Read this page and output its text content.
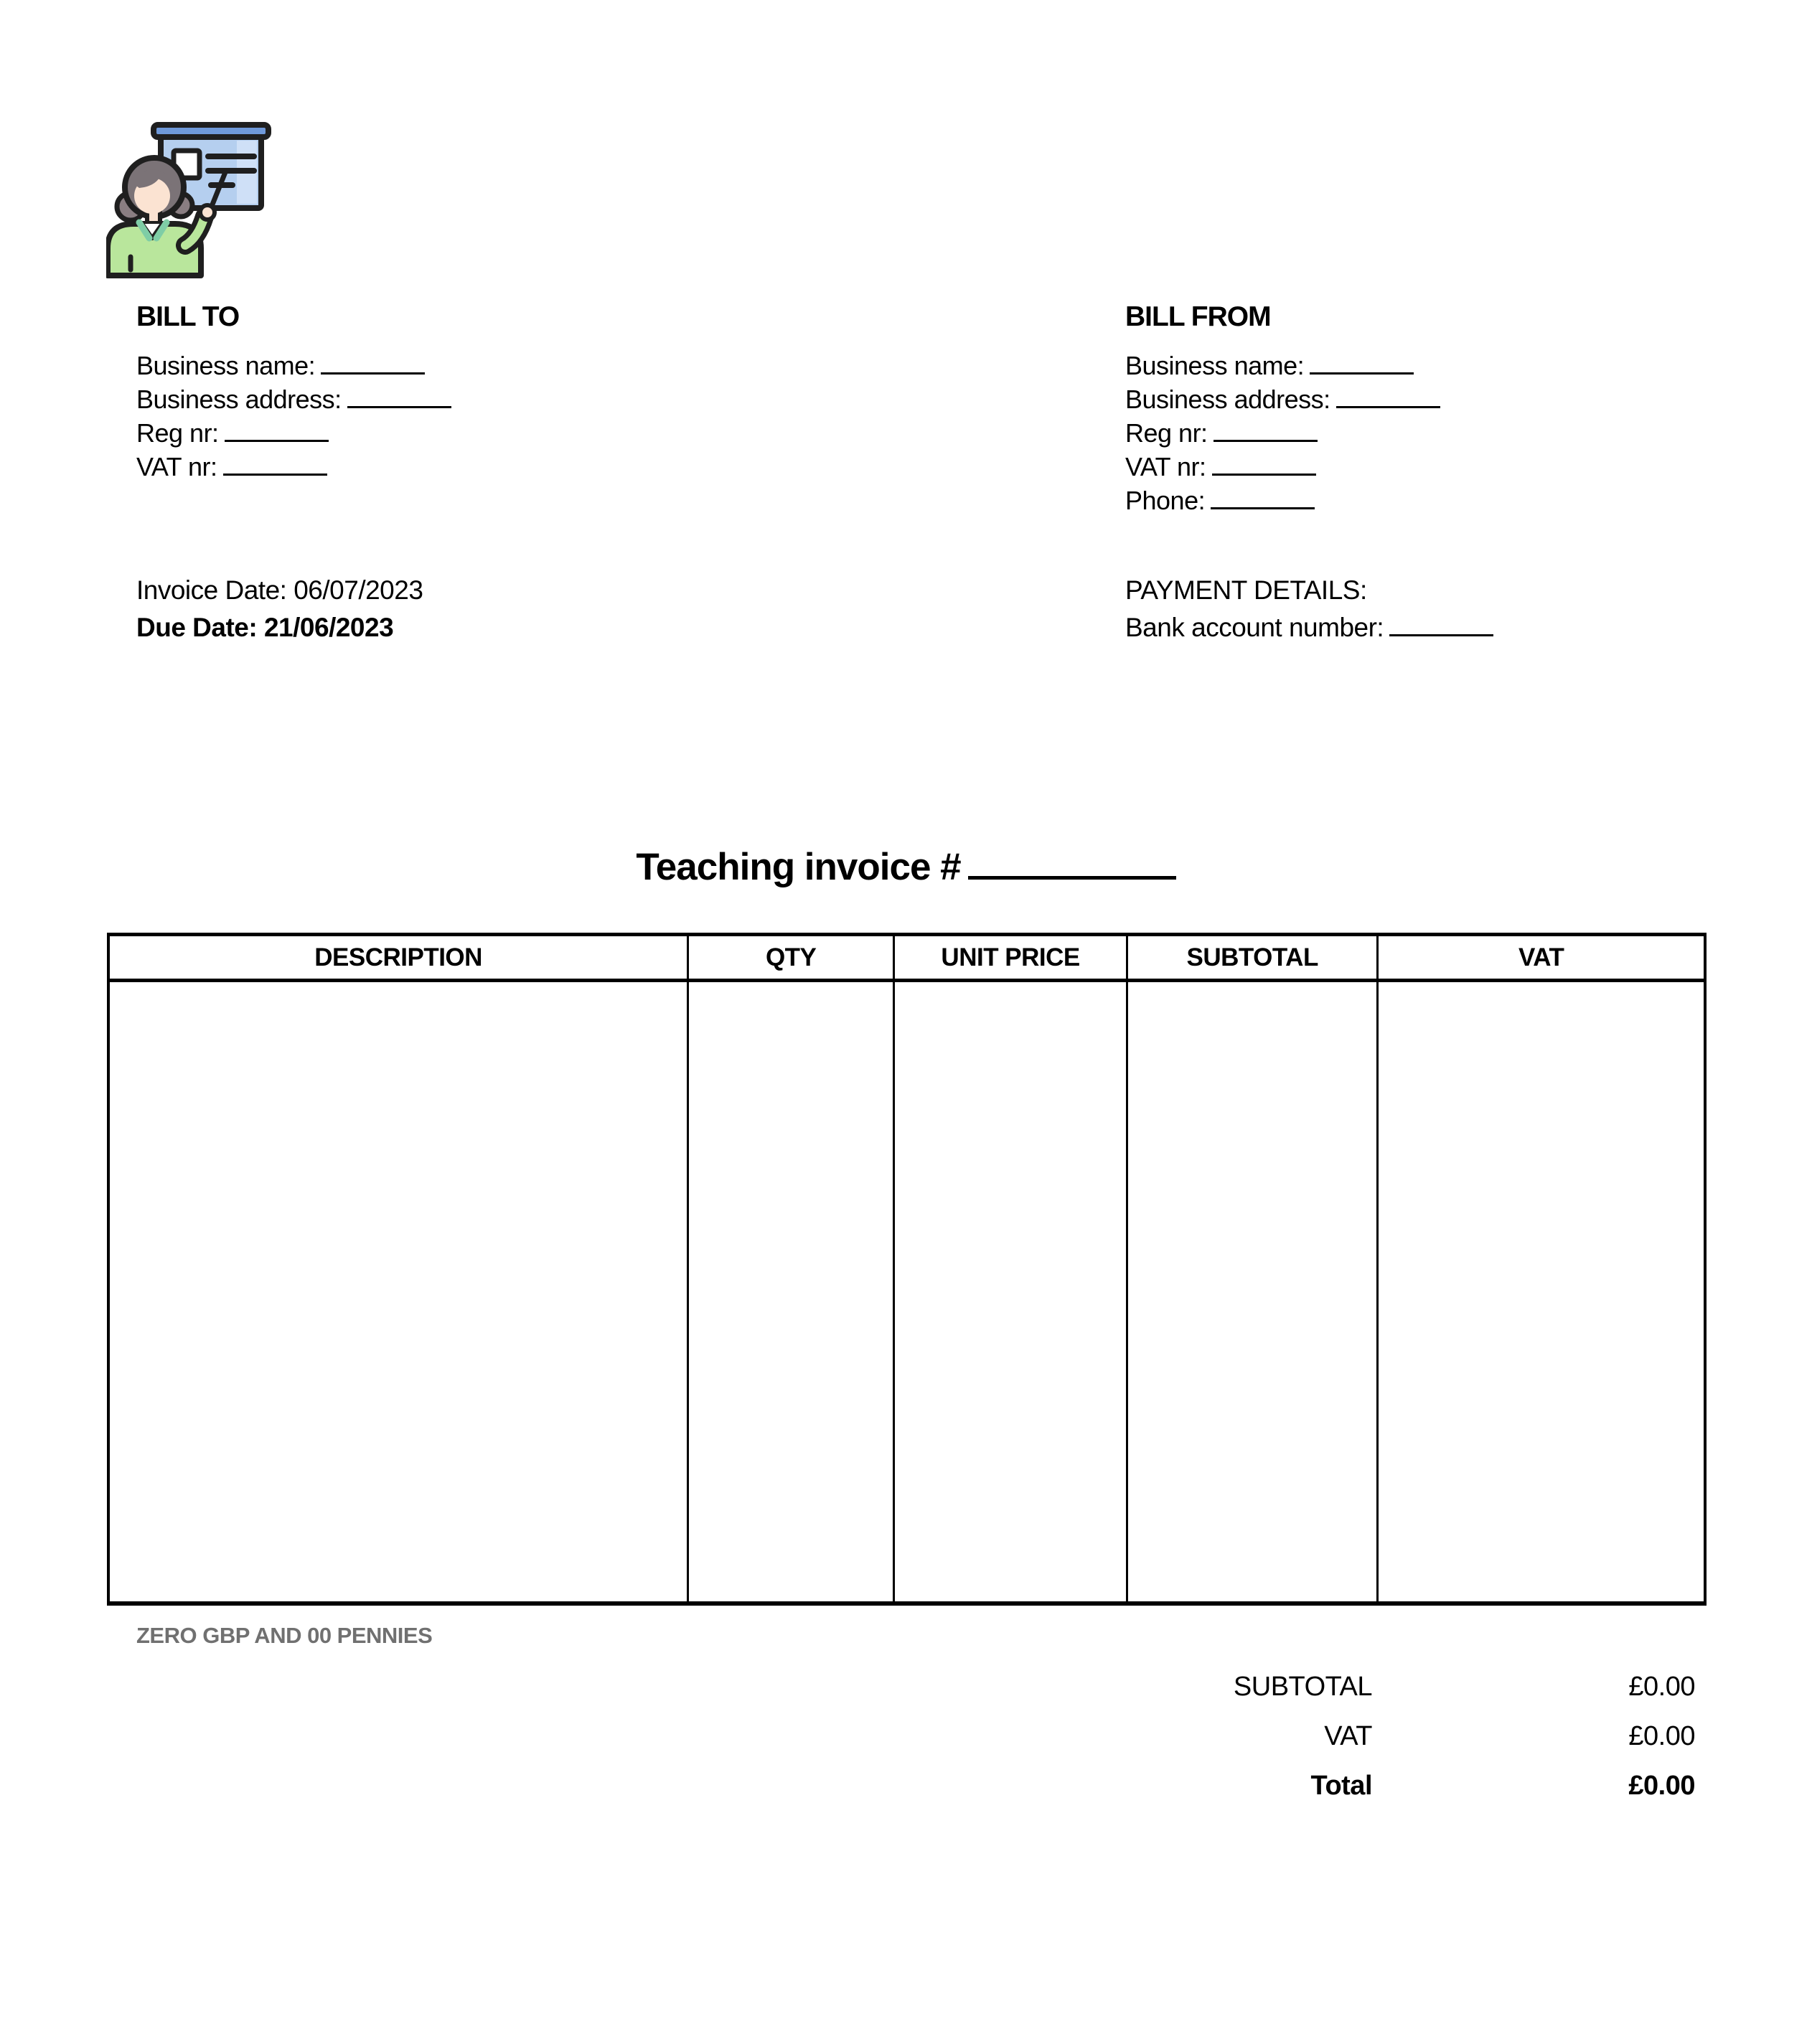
BILL TO
Business name:
Business address:
Reg nr:
VAT nr:
BILL FROM
Business name:
Business address:
Reg nr:
VAT nr:
Phone:
Invoice Date: 06/07/2023
Due Date: 21/06/2023
PAYMENT DETAILS:
Bank account number:
Teaching invoice #
DESCRIPTION	QTY	UNIT PRICE	SUBTOTAL	VAT

ZERO GBP AND 00 PENNIES
SUBTOTAL	£0.00
VAT	£0.00
Total	£0.00
